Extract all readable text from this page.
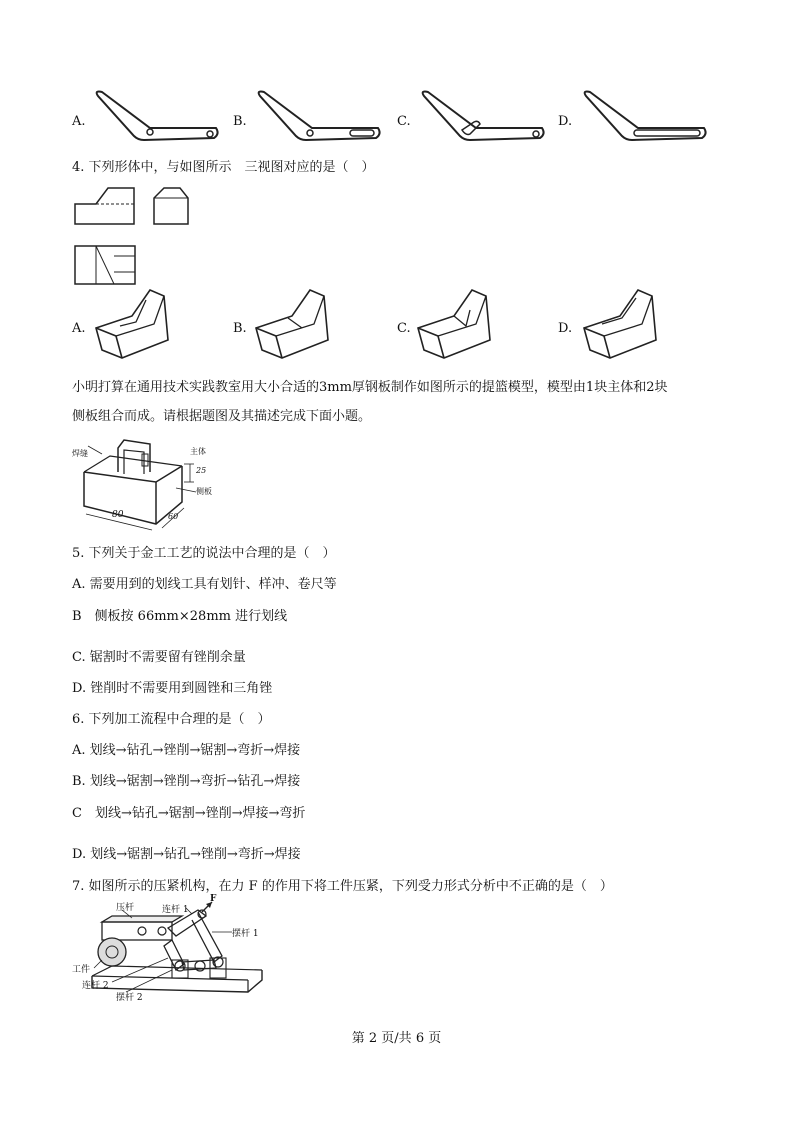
A.	B.	C.	D.
4. 下列形体中，与如图所示　三视图对应的是（　）
A.	B.	C.	D.
小明打算在通用技术实践教室用大小合适的3mm厚钢板制作如图所示的提篮模型，模型由1块主体和2块
侧板组合而成。请根据题图及其描述完成下面小题。
焊缝	主体
侧板
80	60
25
5. 下列关于金工工艺的说法中合理的是（　）
A. 需要用到的划线工具有划针、样冲、卷尺等
B　侧板按 66mm×28mm 进行划线
C. 锯割时不需要留有锉削余量
D. 锉削时不需要用到圆锉和三角锉
6. 下列加工流程中合理的是（　）
A. 划线→钻孔→锉削→锯割→弯折→焊接
B. 划线→锯割→锉削→弯折→钻孔→焊接
C　划线→钻孔→锯割→锉削→焊接→弯折
D. 划线→锯割→钻孔→锉削→弯折→焊接
7. 如图所示的压紧机构，在力 F 的作用下将工件压紧，下列受力形式分析中不正确的是（　）
压杆	连杆 1
F
摆杆 1
工件
连杆 2
摆杆 2
第 2 页/共 6 页
